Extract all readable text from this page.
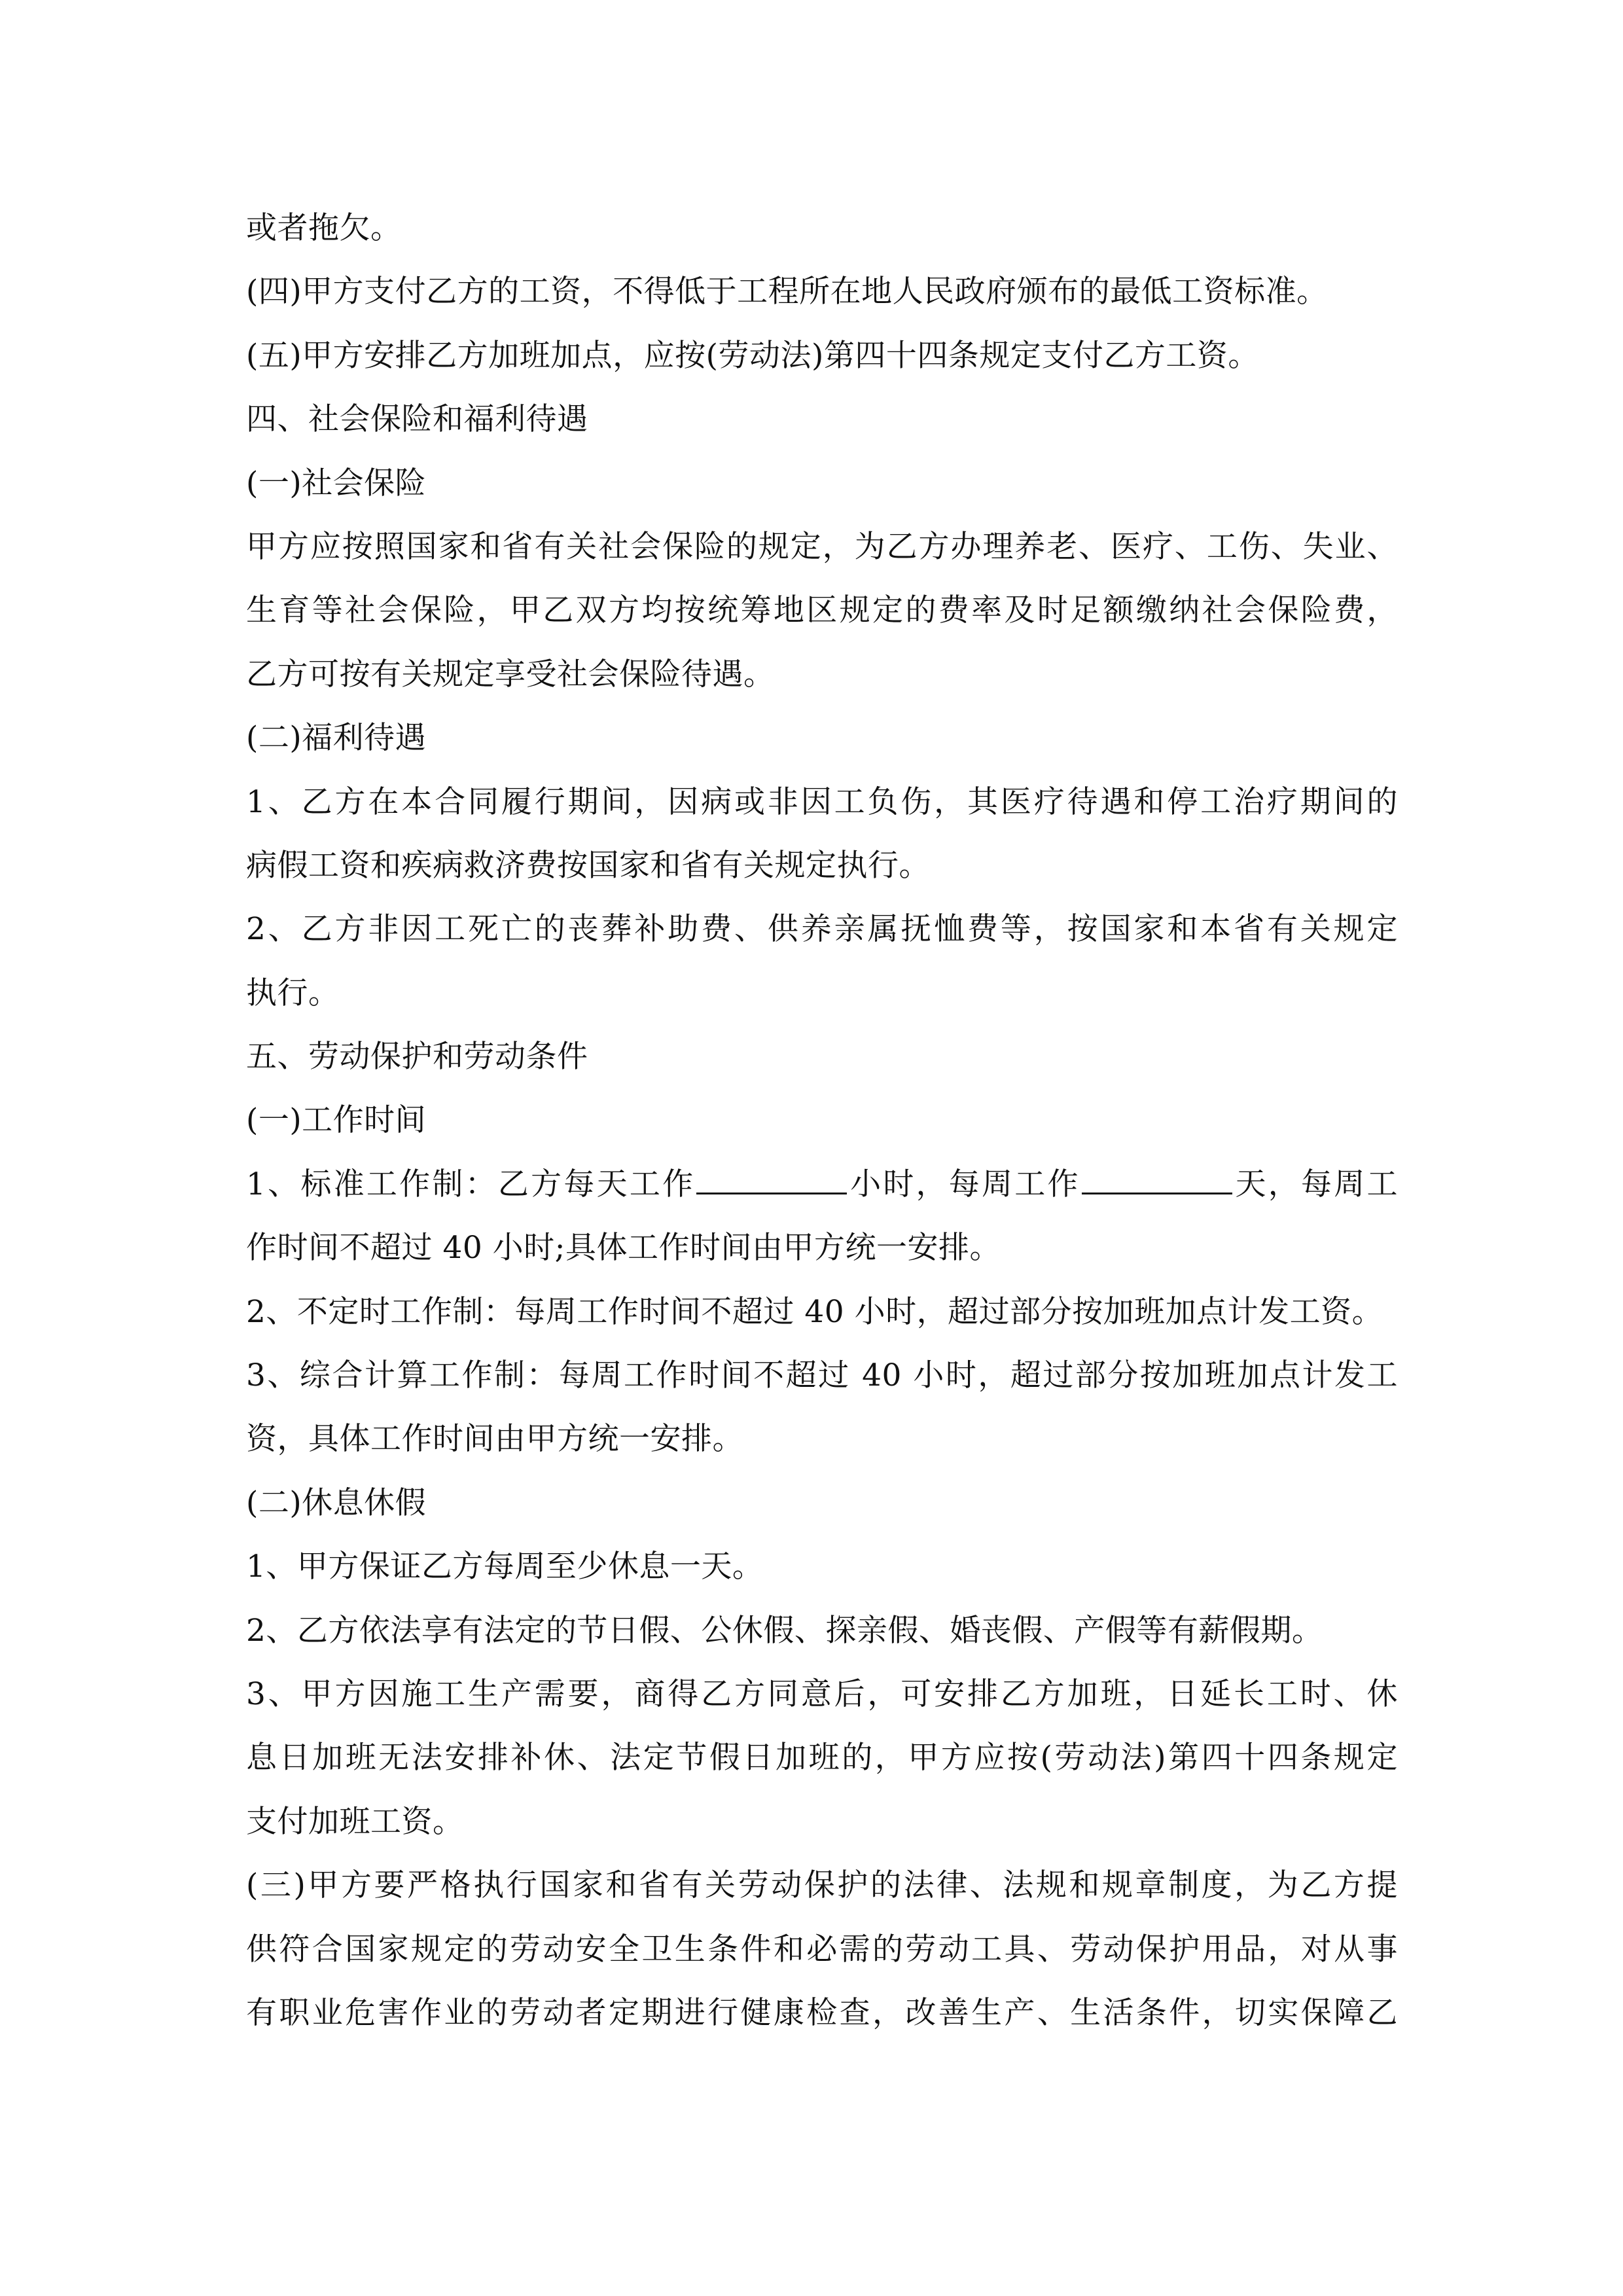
或者拖欠。
(四)甲方支付乙方的工资，不得低于工程所在地人民政府颁布的最低工资标准。
(五)甲方安排乙方加班加点，应按(劳动法)第四十四条规定支付乙方工资。
四、社会保险和福利待遇
(一)社会保险
甲方应按照国家和省有关社会保险的规定，为乙方办理养老、医疗、工伤、失业、
生育等社会保险，甲乙双方均按统筹地区规定的费率及时足额缴纳社会保险费，
乙方可按有关规定享受社会保险待遇。
(二)福利待遇
1、乙方在本合同履行期间，因病或非因工负伤，其医疗待遇和停工治疗期间的
病假工资和疾病救济费按国家和省有关规定执行。
2、乙方非因工死亡的丧葬补助费、供养亲属抚恤费等，按国家和本省有关规定
执行。
五、劳动保护和劳动条件
(一)工作时间
1、标准工作制：乙方每天工作	小时，每周工作	天，每周工
作时间不超过 40 小时;具体工作时间由甲方统一安排。
2、不定时工作制：每周工作时间不超过 40 小时，超过部分按加班加点计发工资。
3、综合计算工作制：每周工作时间不超过 40 小时，超过部分按加班加点计发工
资，具体工作时间由甲方统一安排。
(二)休息休假
1、甲方保证乙方每周至少休息一天。
2、乙方依法享有法定的节日假、公休假、探亲假、婚丧假、产假等有薪假期。
3、甲方因施工生产需要，商得乙方同意后，可安排乙方加班，日延长工时、休
息日加班无法安排补休、法定节假日加班的，甲方应按(劳动法)第四十四条规定
支付加班工资。
(三)甲方要严格执行国家和省有关劳动保护的法律、法规和规章制度，为乙方提
供符合国家规定的劳动安全卫生条件和必需的劳动工具、劳动保护用品，对从事
有职业危害作业的劳动者定期进行健康检查，改善生产、生活条件，切实保障乙
